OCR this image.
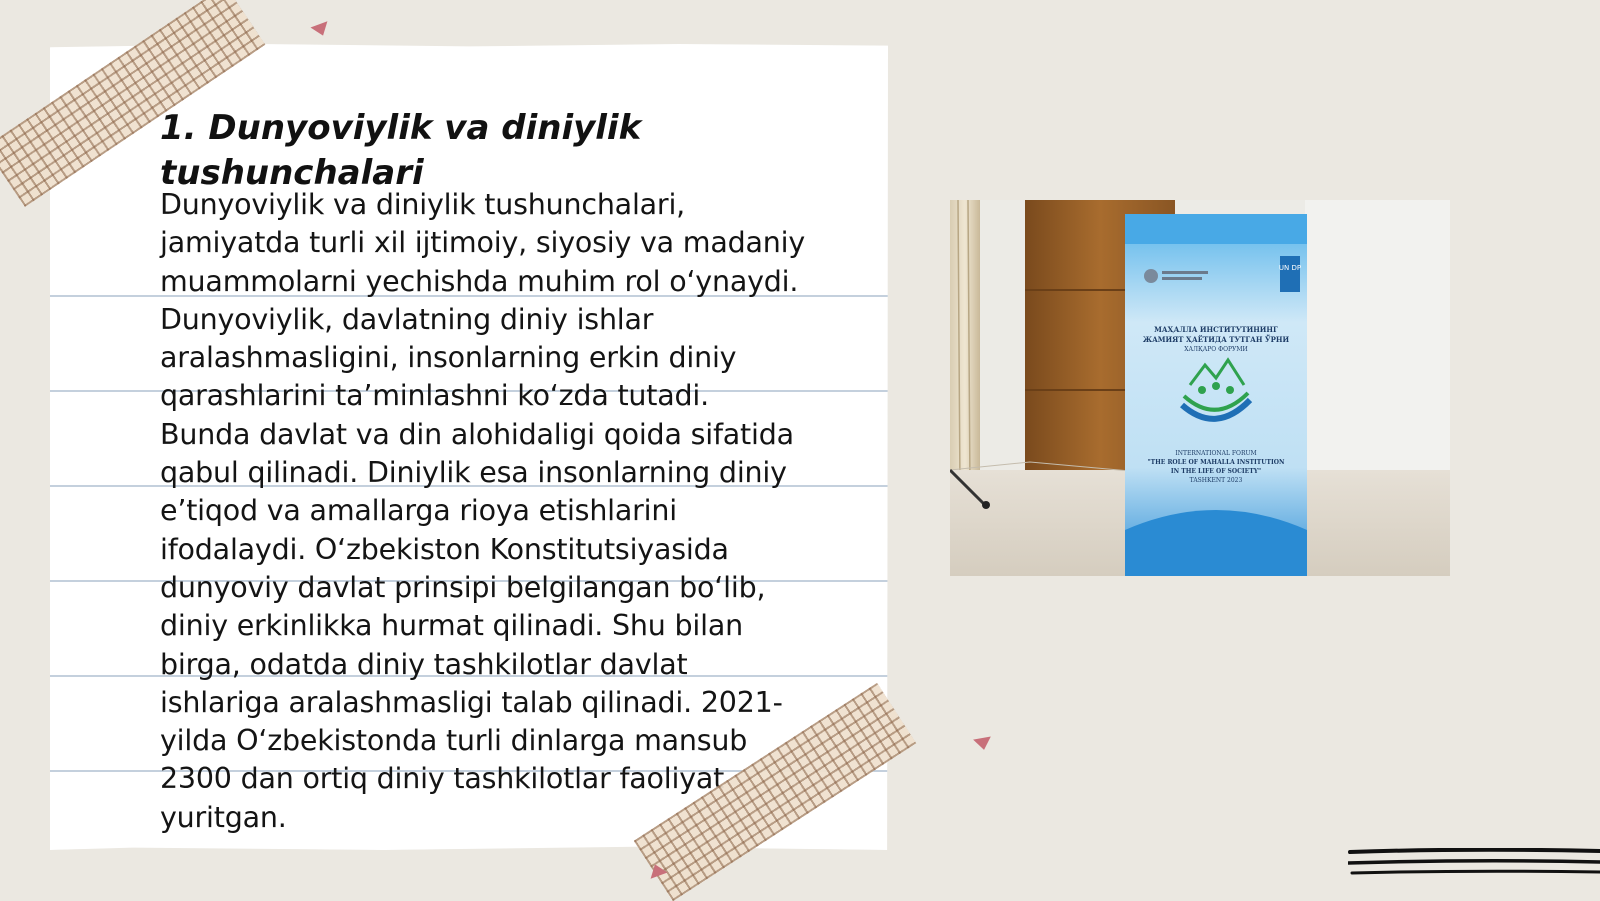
1. Dunyoviylik va diniylik tushunchalari

Dunyoviylik va diniylik tushunchalari,
jamiyatda turli xil ijtimoiy, siyosiy va madaniy
muammolarni yechishda muhim rol o‘ynaydi.
Dunyoviylik, davlatning diniy ishlar
aralashmasligini, insonlarning erkin diniy
qarashlarini ta’minlashni ko‘zda tutadi.
Bunda davlat va din alohidaligi qoida sifatida
qabul qilinadi. Diniylik esa insonlarning diniy
e’tiqod va amallarga rioya etishlarini
ifodalaydi. O‘zbekiston Konstitutsiyasida
dunyoviy davlat prinsipi belgilangan bo‘lib,
diniy erkinlikka hurmat qilinadi. Shu bilan
birga, odatda diniy tashkilotlar davlat
ishlariga aralashmasligi talab qilinadi. 2021-
yilda O‘zbekistonda turli dinlarga mansub
2300 dan ortiq diniy tashkilotlar faoliyat
yuritgan.

UN DP
МАҲАЛЛА ИНСТИТУТИНИНГ
ЖАМИЯТ ҲАЁТИДА ТУТГАН ЎРНИ
ХАЛҚАРО ФОРУМИ
INTERNATIONAL FORUM
"THE ROLE OF MAHALLA INSTITUTION
IN THE LIFE OF SOCIETY"
TASHKENT 2023
